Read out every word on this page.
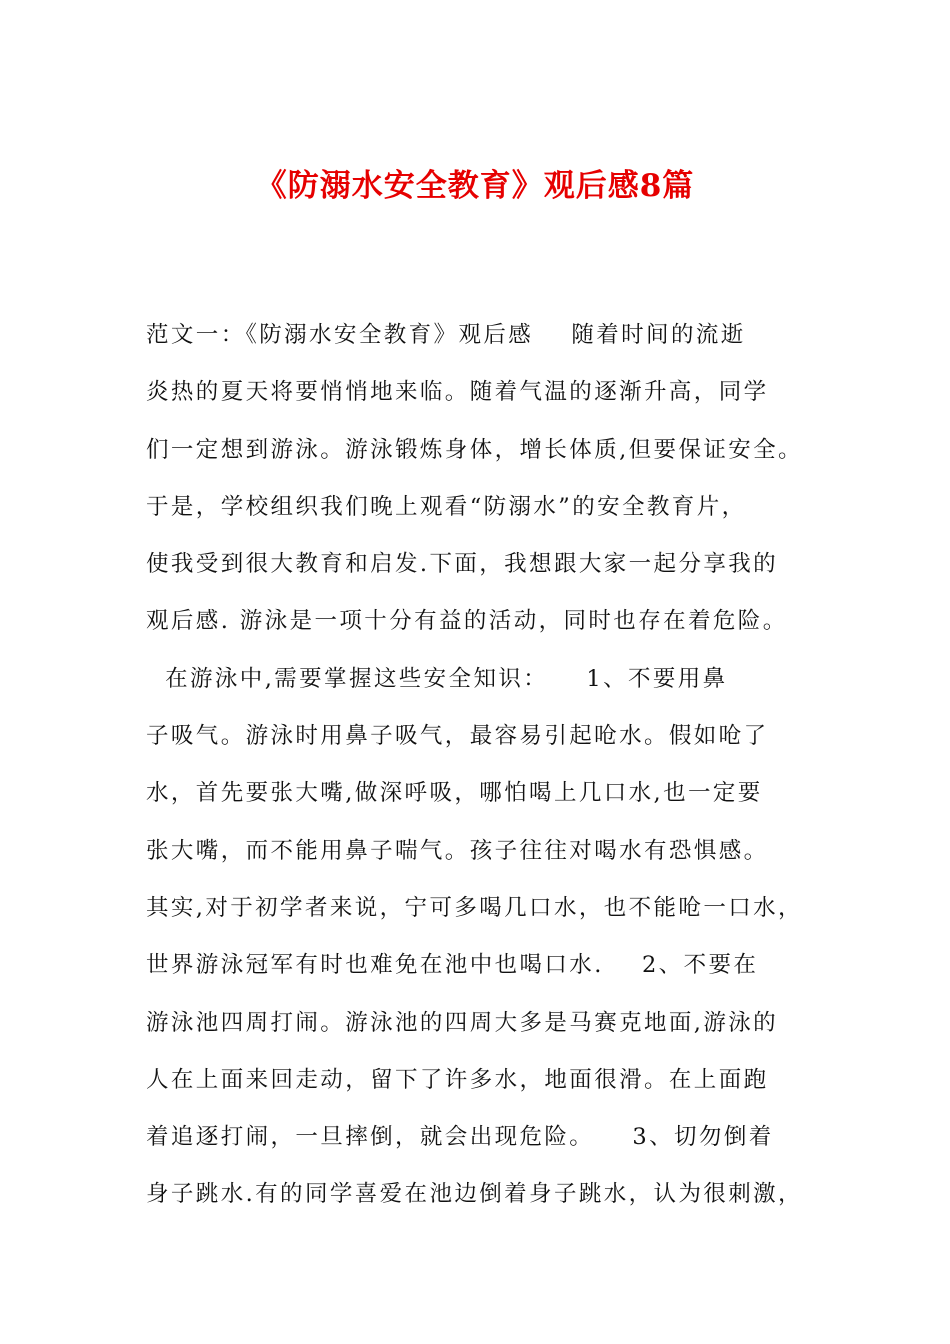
《防溺水安全教育》观后感8篇
范文一：《防溺水安全教育》观后感    随着时间的流逝
炎热的夏天将要悄悄地来临。随着气温的逐渐升高，同学
们一定想到游泳。游泳锻炼身体，增长体质,但要保证安全。
于是，学校组织我们晚上观看“防溺水”的安全教育片，
使我受到很大教育和启发.下面，我想跟大家一起分享我的
观后感. 游泳是一项十分有益的活动，同时也存在着危险。
在游泳中,需要掌握这些安全知识：    1、不要用鼻
子吸气。游泳时用鼻子吸气，最容易引起呛水。假如呛了
水，首先要张大嘴,做深呼吸，哪怕喝上几口水,也一定要
张大嘴，而不能用鼻子喘气。孩子往往对喝水有恐惧感。
其实,对于初学者来说，宁可多喝几口水，也不能呛一口水，
世界游泳冠军有时也难免在池中也喝口水.    2、不要在
游泳池四周打闹。游泳池的四周大多是马赛克地面,游泳的
人在上面来回走动，留下了许多水，地面很滑。在上面跑
着追逐打闹，一旦摔倒，就会出现危险。    3、切勿倒着
身子跳水.有的同学喜爱在池边倒着身子跳水，认为很刺激，
